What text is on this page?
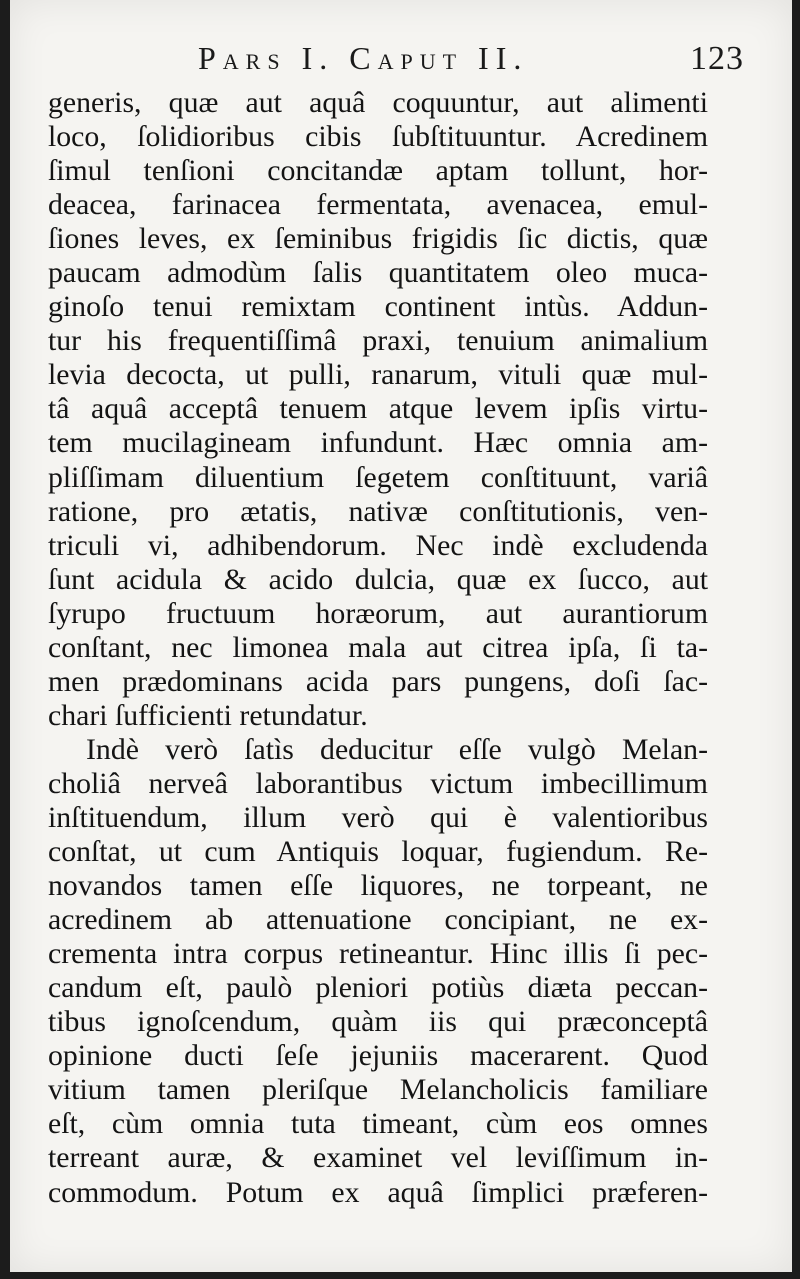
Pars I. Caput II.	123
generis, quæ aut aquâ coquuntur, aut alimenti
loco, ſolidioribus cibis ſubſtituuntur. Acredinem
ſimul tenſioni concitandæ aptam tollunt, hor-
deacea, farinacea fermentata, avenacea, emul-
ſiones leves, ex ſeminibus frigidis ſic dictis, quæ
paucam admodùm ſalis quantitatem oleo muca-
ginoſo tenui remixtam continent intùs. Addun-
tur his frequentiſſimâ praxi, tenuium animalium
levia decocta, ut pulli, ranarum, vituli quæ mul-
tâ aquâ acceptâ tenuem atque levem ipſis virtu-
tem mucilagineam infundunt. Hæc omnia am-
pliſſimam diluentium ſegetem conſtituunt, variâ
ratione, pro ætatis, nativæ conſtitutionis, ven-
triculi vi, adhibendorum. Nec indè excludenda
ſunt acidula & acido dulcia, quæ ex ſucco, aut
ſyrupo fructuum horæorum, aut aurantiorum
conſtant, nec limonea mala aut citrea ipſa, ſi ta-
men prædominans acida pars pungens, doſi ſac-
chari ſufficienti retundatur.
Indè verò ſatìs deducitur eſſe vulgò Melan-
choliâ nerveâ laborantibus victum imbecillimum
inſtituendum, illum verò qui è valentioribus
conſtat, ut cum Antiquis loquar, fugiendum. Re-
novandos tamen eſſe liquores, ne torpeant, ne
acredinem ab attenuatione concipiant, ne ex-
crementa intra corpus retineantur. Hinc illis ſi pec-
candum eſt, paulò pleniori potiùs diæta peccan-
tibus ignoſcendum, quàm iis qui præconceptâ
opinione ducti ſeſe jejuniis macerarent. Quod
vitium tamen pleriſque Melancholicis familiare
eſt, cùm omnia tuta timeant, cùm eos omnes
terreant auræ, & examinet vel leviſſimum in-
commodum. Potum ex aquâ ſimplici præferen-
